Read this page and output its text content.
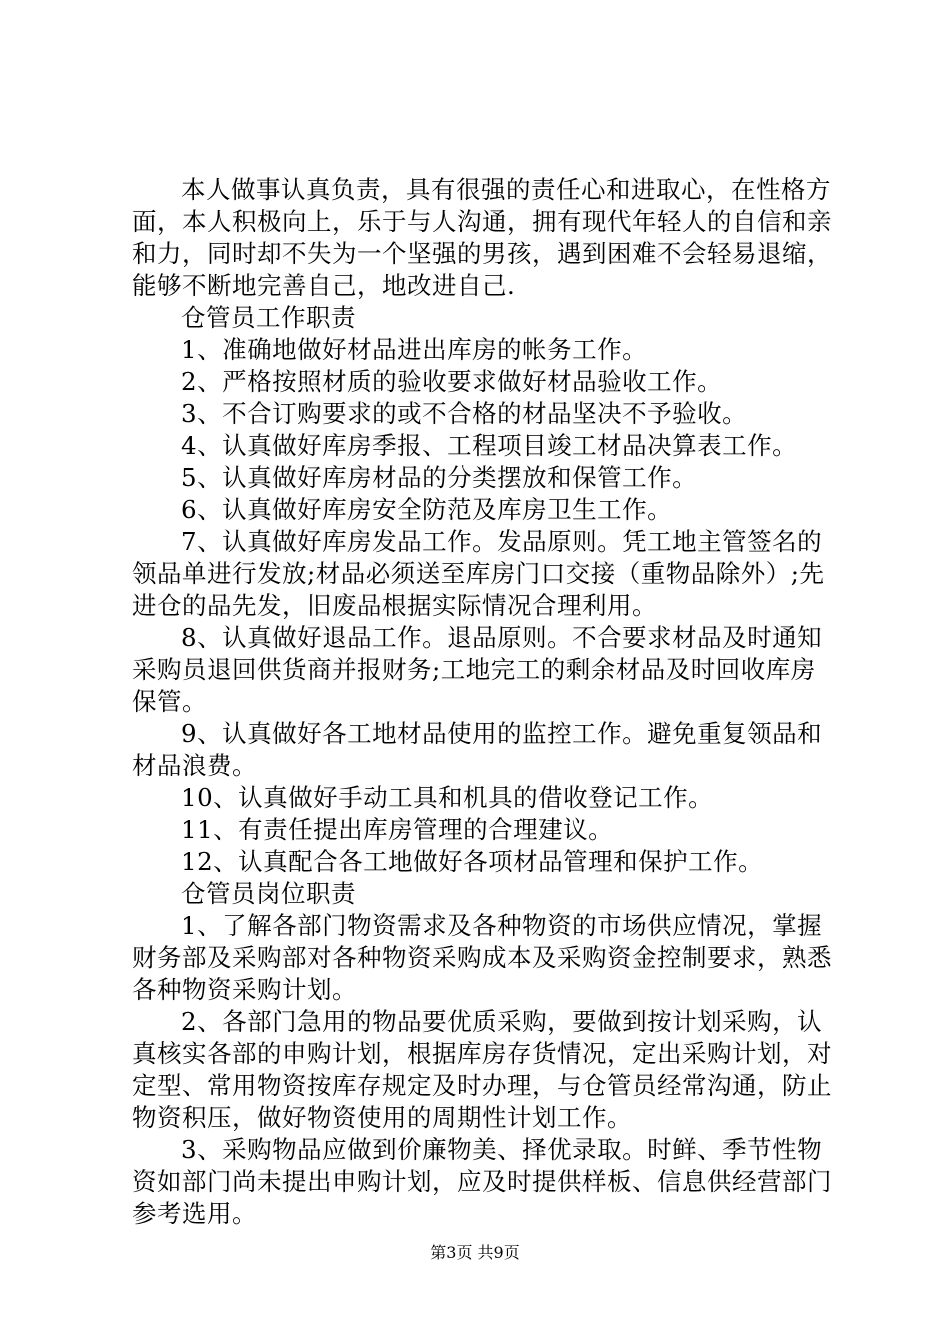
本人做事认真负责，具有很强的责任心和进取心，在性格方面，本人积极向上，乐于与人沟通，拥有现代年轻人的自信和亲和力，同时却不失为一个坚强的男孩，遇到困难不会轻易退缩，能够不断地完善自己，地改进自己.

仓管员工作职责

1、准确地做好材品进出库房的帐务工作。

2、严格按照材质的验收要求做好材品验收工作。

3、不合订购要求的或不合格的材品坚决不予验收。

4、认真做好库房季报、工程项目竣工材品决算表工作。

5、认真做好库房材品的分类摆放和保管工作。

6、认真做好库房安全防范及库房卫生工作。

7、认真做好库房发品工作。发品原则。凭工地主管签名的领品单进行发放;材品必须送至库房门口交接（重物品除外）;先进仓的品先发，旧废品根据实际情况合理利用。

8、认真做好退品工作。退品原则。不合要求材品及时通知采购员退回供货商并报财务;工地完工的剩余材品及时回收库房保管。

9、认真做好各工地材品使用的监控工作。避免重复领品和材品浪费。

10、认真做好手动工具和机具的借收登记工作。

11、有责任提出库房管理的合理建议。

12、认真配合各工地做好各项材品管理和保护工作。

仓管员岗位职责

1、了解各部门物资需求及各种物资的市场供应情况，掌握财务部及采购部对各种物资采购成本及采购资金控制要求，熟悉各种物资采购计划。

2、各部门急用的物品要优质采购，要做到按计划采购，认真核实各部的申购计划，根据库房存货情况，定出采购计划，对定型、常用物资按库存规定及时办理，与仓管员经常沟通，防止物资积压，做好物资使用的周期性计划工作。

3、采购物品应做到价廉物美、择优录取。时鲜、季节性物资如部门尚未提出申购计划，应及时提供样板、信息供经营部门参考选用。

第3页 共9页
